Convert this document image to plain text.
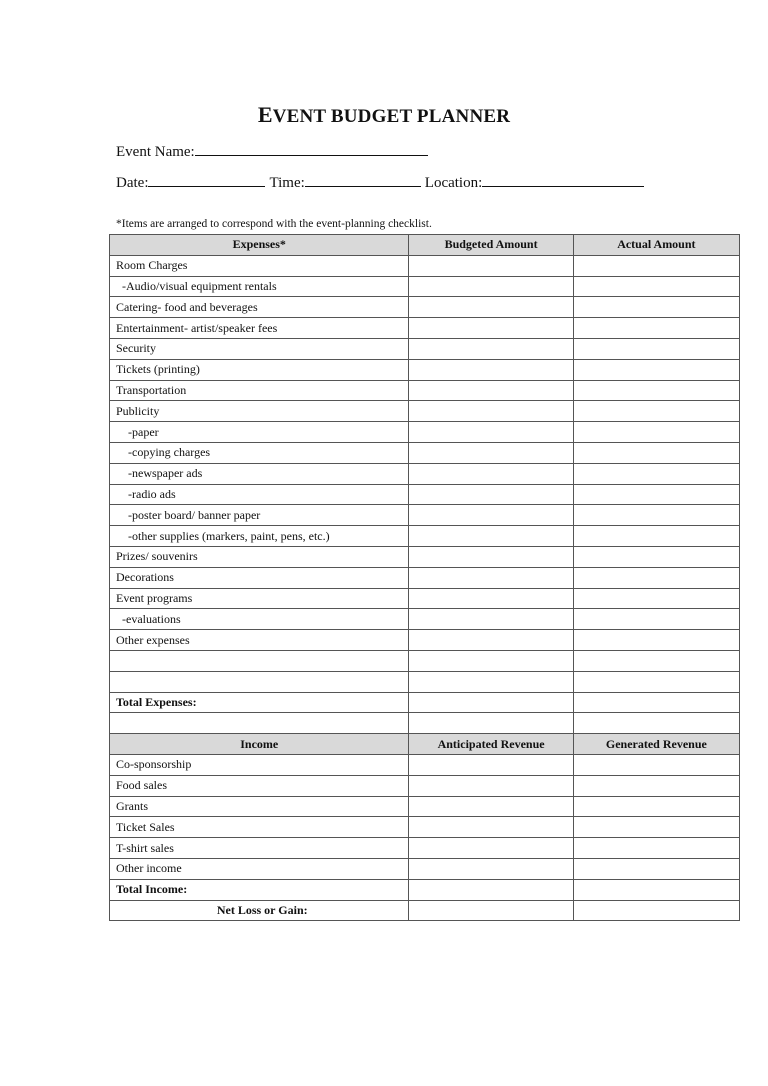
EVENT BUDGET PLANNER
Event Name:
Date:	Time:	Location:
*Items are arranged to correspond with the event-planning checklist.
Expenses*	Budgeted Amount	Actual Amount
Room Charges		
-Audio/visual equipment rentals		
Catering- food and beverages		
Entertainment- artist/speaker fees		
Security		
Tickets (printing)		
Transportation		
Publicity		
-paper		
-copying charges		
-newspaper ads		
-radio ads		
-poster board/ banner paper		
-other supplies (markers, paint, pens, etc.)		
Prizes/ souvenirs		
Decorations		
Event programs		
-evaluations		
Other expenses		

Total Expenses:		

Income	Anticipated Revenue	Generated Revenue
Co-sponsorship		
Food sales		
Grants		
Ticket Sales		
T-shirt sales		
Other income		
Total Income:		
Net Loss or Gain:		
